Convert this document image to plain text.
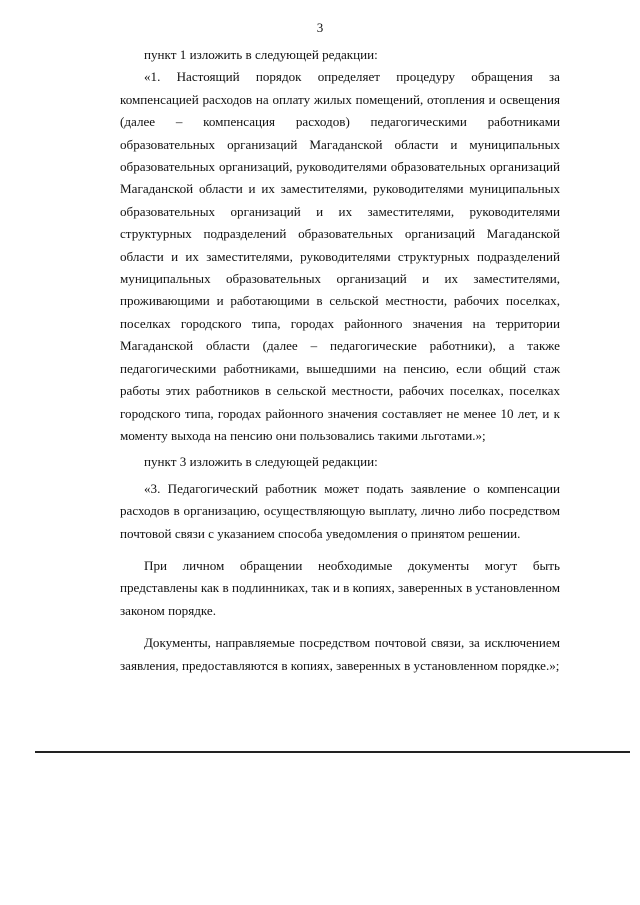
3

пункт 1 изложить в следующей редакции:

«1. Настоящий порядок определяет процедуру обращения за компенсацией расходов на оплату жилых помещений, отопления и освещения (далее – компенсация расходов) педагогическими работниками образовательных организаций Магаданской области и муниципальных образовательных организаций, руководителями образовательных организаций Магаданской области и их заместителями, руководителями муниципальных образовательных организаций и их заместителями, руководителями структурных подразделений образовательных организаций Магаданской области и их заместителями, руководителями структурных подразделений муниципальных образовательных организаций и их заместителями, проживающими и работающими в сельской местности, рабочих поселках, поселках городского типа, городах районного значения на территории Магаданской области (далее – педагогические работники), а также педагогическими работниками, вышедшими на пенсию, если общий стаж работы этих работников в сельской местности, рабочих поселках, поселках городского типа, городах районного значения составляет не менее 10 лет, и к моменту выхода на пенсию они пользовались такими льготами.»;

пункт 3 изложить в следующей редакции:

«3. Педагогический работник может подать заявление о компенсации расходов в организацию, осуществляющую выплату, лично либо посредством почтовой связи с указанием способа уведомления о принятом решении.

При личном обращении необходимые документы могут быть представлены как в подлинниках, так и в копиях, заверенных в установленном законом порядке.

Документы, направляемые посредством почтовой связи, за исключением заявления, предоставляются в копиях, заверенных в установленном порядке.»;
